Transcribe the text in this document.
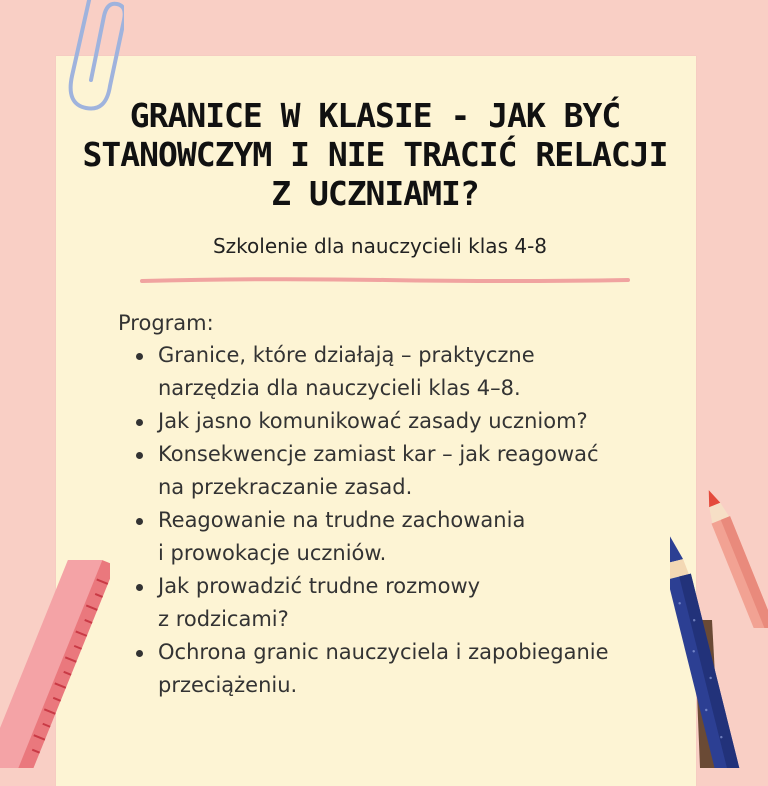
GRANICE W KLASIE - JAK BYĆ
STANOWCZYM I NIE TRACIĆ RELACJI
Z UCZNIAMI?
Szkolenie dla nauczycieli klas 4-8
Program:
Granice, które działają – praktyczne
narzędzia dla nauczycieli klas 4–8.
Jak jasno komunikować zasady uczniom?
Konsekwencje zamiast kar – jak reagować
na przekraczanie zasad.
Reagowanie na trudne zachowania
i prowokacje uczniów.
Jak prowadzić trudne rozmowy
z rodzicami?
Ochrona granic nauczyciela i zapobieganie
przeciążeniu.
